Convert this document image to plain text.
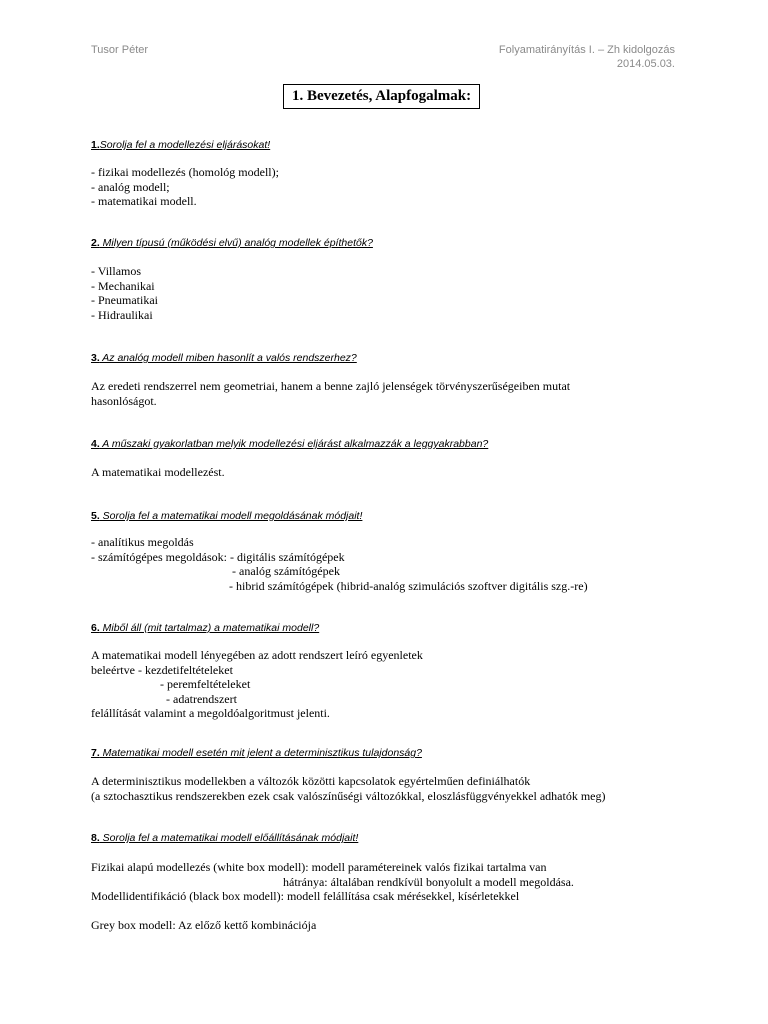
Tusor Péter	Folyamatirányítás I. – Zh kidolgozás
2014.05.03.
1. Bevezetés, Alapfogalmak:
1.Sorolja fel a modellezési eljárásokat!
- fizikai modellezés (homológ modell);
- analóg modell;
- matematikai modell.
2. Milyen típusú (működési elvű) analóg modellek építhetők?
- Villamos
- Mechanikai
- Pneumatikai
- Hidraulikai
3. Az analóg modell miben hasonlít a valós rendszerhez?
Az eredeti rendszerrel nem geometriai, hanem a benne zajló jelenségek törvényszerűségeiben mutat
hasonlóságot.
4. A műszaki gyakorlatban melyik modellezési eljárást alkalmazzák a leggyakrabban?
A matematikai modellezést.
5. Sorolja fel a matematikai modell megoldásának módjait!
- analítikus megoldás
- számítógépes megoldások: - digitális számítógépek
- analóg számítógépek
- hibrid számítógépek (hibrid-analóg szimulációs szoftver digitális szg.-re)
6. Miből áll (mit tartalmaz) a matematikai modell?
A matematikai modell lényegében az adott rendszert leíró egyenletek
beleértve - kezdetifeltételeket
- peremfeltételeket
- adatrendszert
felállítását valamint a megoldóalgoritmust jelenti.
7. Matematikai modell esetén mit jelent a determinisztikus tulajdonság?
A determinisztikus modellekben a változók közötti kapcsolatok egyértelműen definiálhatók
(a sztochasztikus rendszerekben ezek csak valószínűségi változókkal, eloszlásfüggvényekkel adhatók meg)
8. Sorolja fel a matematikai modell előállításának módjait!
Fizikai alapú modellezés (white box modell): modell paramétereinek valós fizikai tartalma van
hátránya: általában rendkívül bonyolult a modell megoldása.
Modellidentifikáció (black box modell): modell felállítása csak mérésekkel, kísérletekkel
Grey box modell: Az előző kettő kombinációja
